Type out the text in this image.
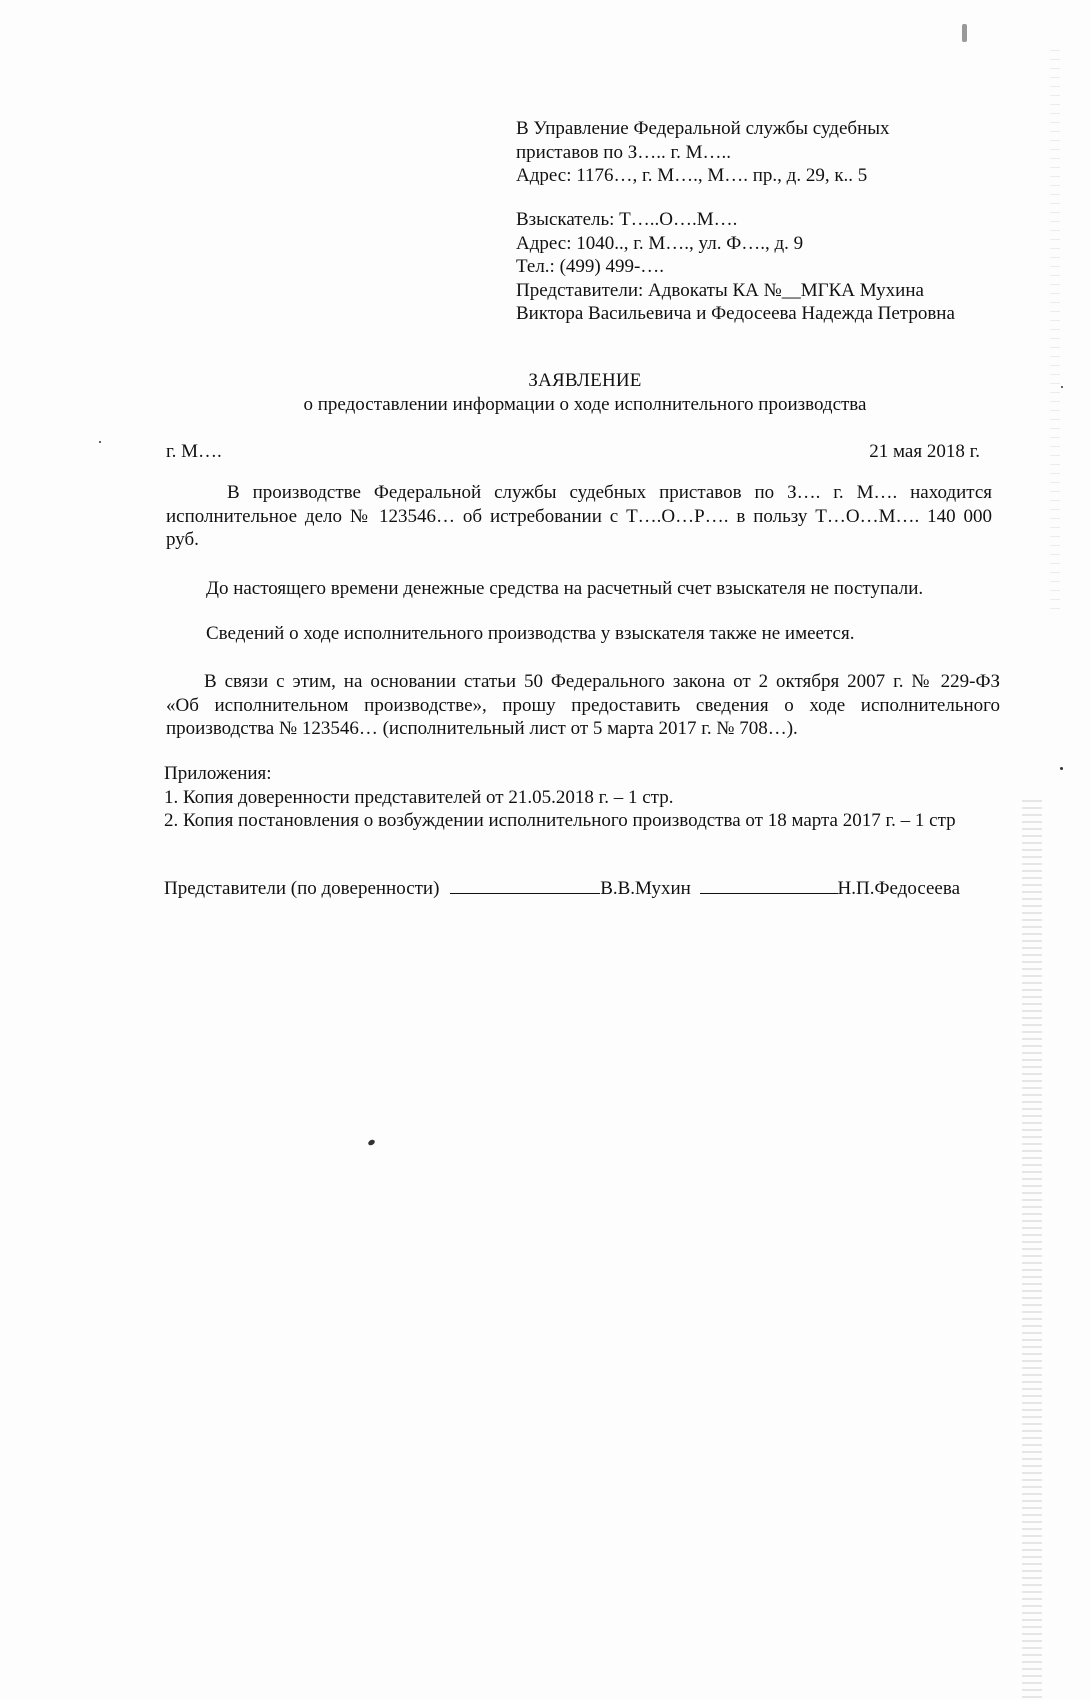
В Управление Федеральной службы судебных
приставов по З….. г. М…..
Адрес: 1176…, г. М…., М…. пр., д. 29, к.. 5
Взыскатель: Т…..О….М….
Адрес: 1040.., г. М…., ул. Ф…., д. 9
Тел.: (499) 499-….
Представители: Адвокаты КА №__МГКА Мухина
Виктора Васильевича и Федосеева Надежда Петровна
ЗАЯВЛЕНИЕ
о предоставлении информации о ходе исполнительного производства
г. М….	21 мая 2018 г.
В производстве Федеральной службы судебных приставов по З…. г. М…. находится
исполнительное дело № 123546… об истребовании с Т….О…Р…. в пользу Т…О…М…. 140 000
руб.
До настоящего времени денежные средства на расчетный счет взыскателя не поступали.
Сведений о ходе исполнительного производства у взыскателя также не имеется.
В связи с этим, на основании статьи 50 Федерального закона от 2 октября 2007 г. № 229-ФЗ
«Об исполнительном производстве», прошу предоставить сведения о ходе исполнительного
производства № 123546… (исполнительный лист от 5 марта 2017 г. № 708…).
Приложения:
1. Копия доверенности представителей от 21.05.2018 г. – 1 стр.
2. Копия постановления о возбуждении исполнительного производства от 18 марта 2017 г. – 1 стр
Представители (по доверенности)	В.В.Мухин	Н.П.Федосеева
